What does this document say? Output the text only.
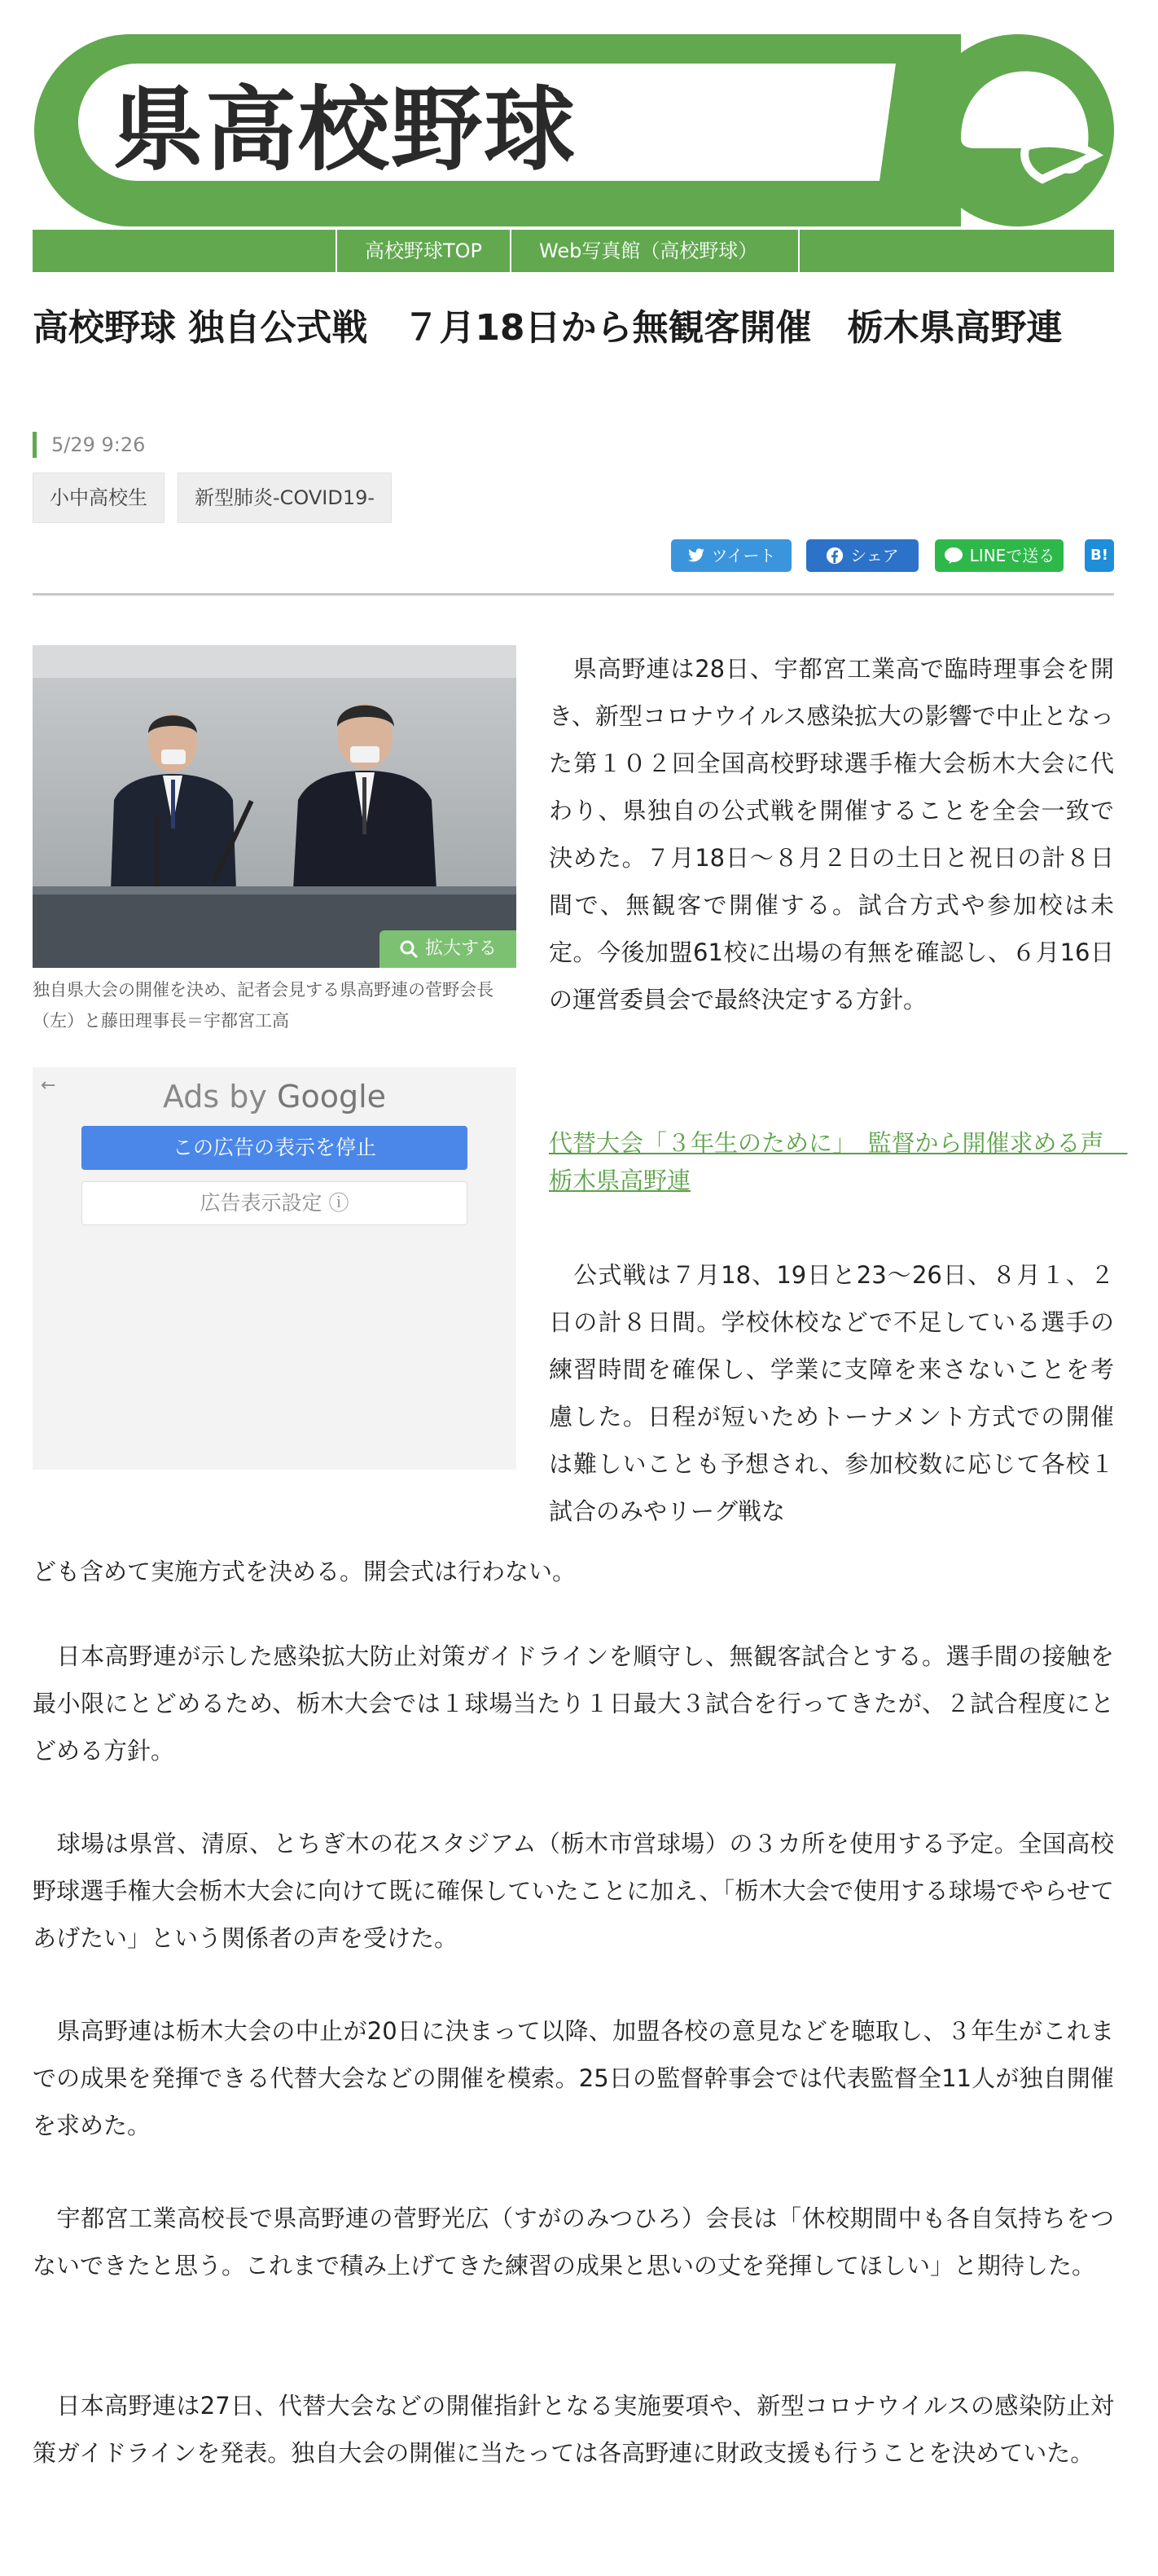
県高校野球
高校野球TOP	Web写真館（高校野球）
高校野球 独自公式戦　７月18日から無観客開催　栃木県高野連
5/29 9:26
小中高校生	新型肺炎-COVID19-
ツイート	シェア	LINEで送る	B!
拡大する
独自県大会の開催を決め、記者会見する県高野連の菅野会長（左）と藤田理事長＝宇都宮工高
←	Ads by Google
この広告の表示を停止
広告表示設定 ⓘ

　県高野連は28日、宇都宮工業高で臨時理事会を開き、新型コロナウイルス感染拡大の影響で中止となった第１０２回全国高校野球選手権大会栃木大会に代わり、県独自の公式戦を開催することを全会一致で決めた。７月18日～８月２日の土日と祝日の計８日間で、無観客で開催する。試合方式や参加校は未定。今後加盟61校に出場の有無を確認し、６月16日の運営委員会で最終決定する方針。

代替大会「３年生のために」　監督から開催求める声　栃木県高野連

　公式戦は７月18、19日と23～26日、８月１、２日の計８日間。学校休校などで不足している選手の練習時間を確保し、学業に支障を来さないことを考慮した。日程が短いためトーナメント方式での開催は難しいことも予想され、参加校数に応じて各校１試合のみやリーグ戦な

ども含めて実施方式を決める。開会式は行わない。

　日本高野連が示した感染拡大防止対策ガイドラインを順守し、無観客試合とする。選手間の接触を最小限にとどめるため、栃木大会では１球場当たり１日最大３試合を行ってきたが、２試合程度にとどめる方針。

　球場は県営、清原、とちぎ木の花スタジアム（栃木市営球場）の３カ所を使用する予定。全国高校野球選手権大会栃木大会に向けて既に確保していたことに加え、「栃木大会で使用する球場でやらせてあげたい」という関係者の声を受けた。

　県高野連は栃木大会の中止が20日に決まって以降、加盟各校の意見などを聴取し、３年生がこれまでの成果を発揮できる代替大会などの開催を模索。25日の監督幹事会では代表監督全11人が独自開催を求めた。

　宇都宮工業高校長で県高野連の菅野光広（すがのみつひろ）会長は「休校期間中も各自気持ちをつないできたと思う。これまで積み上げてきた練習の成果と思いの丈を発揮してほしい」と期待した。

　日本高野連は27日、代替大会などの開催指針となる実施要項や、新型コロナウイルスの感染防止対策ガイドラインを発表。独自大会の開催に当たっては各高野連に財政支援も行うことを決めていた。
